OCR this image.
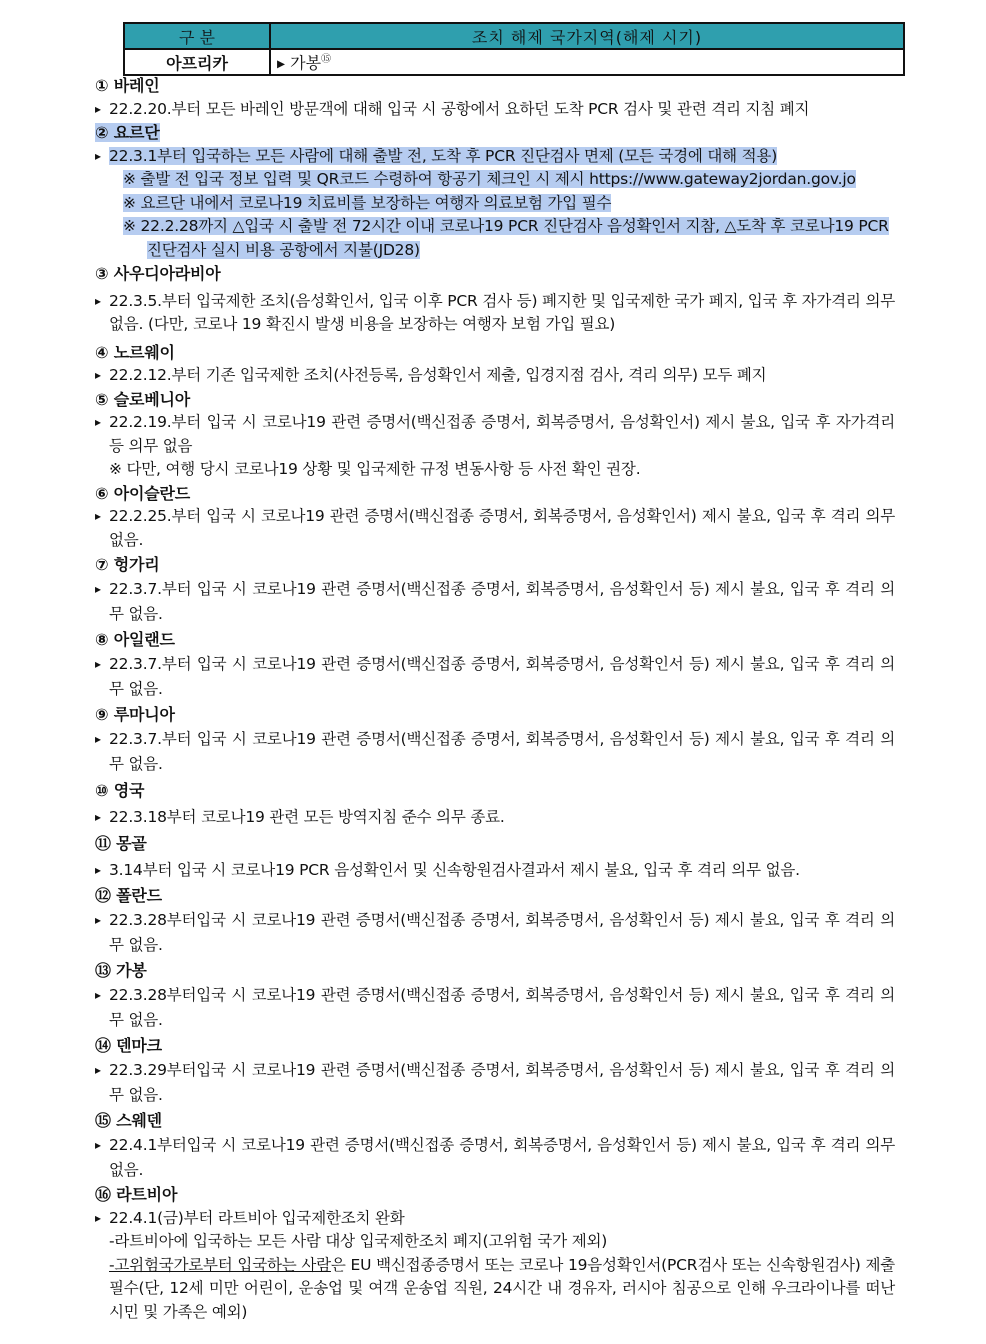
구 분	조치 해제 국가지역(해제 시기)
아프리카	▸ 가봉⑮
① 바레인
▸ 22.2.20.부터 모든 바레인 방문객에 대해 입국 시 공항에서 요하던 도착 PCR 검사 및 관련 격리 지침 폐지
② 요르단
▸ 22.3.1부터 입국하는 모든 사람에 대해 출발 전, 도착 후 PCR 진단검사 면제 (모든 국경에 대해 적용)
※ 출발 전 입국 정보 입력 및 QR코드 수령하여 항공기 체크인 시 제시 https://www.gateway2jordan.gov.jo
※ 요르단 내에서 코로나19 치료비를 보장하는 여행자 의료보험 가입 필수
※ 22.2.28까지 △입국 시 출발 전 72시간 이내 코로나19 PCR 진단검사 음성확인서 지참, △도착 후 코로나19 PCR 진단검사 실시 비용 공항에서 지불(JD28)
③ 사우디아라비아
▸ 22.3.5.부터 입국제한 조치(음성확인서, 입국 이후 PCR 검사 등) 폐지한 및 입국제한 국가 페지, 입국 후 자가격리 의무 없음. (다만, 코로나 19 확진시 발생 비용을 보장하는 여행자 보험 가입 필요)
④ 노르웨이
▸ 22.2.12.부터 기존 입국제한 조치(사전등록, 음성확인서 제출, 입경지점 검사, 격리 의무) 모두 폐지
⑤ 슬로베니아
▸ 22.2.19.부터 입국 시 코로나19 관련 증명서(백신접종 증명서, 회복증명서, 음성확인서) 제시 불요, 입국 후 자가격리 등 의무 없음
※ 다만, 여행 당시 코로나19 상황 및 입국제한 규정 변동사항 등 사전 확인 권장.
⑥ 아이슬란드
▸ 22.2.25.부터 입국 시 코로나19 관련 증명서(백신접종 증명서, 회복증명서, 음성확인서) 제시 불요, 입국 후 격리 의무 없음.
⑦ 헝가리
▸ 22.3.7.부터 입국 시 코로나19 관련 증명서(백신접종 증명서, 회복증명서, 음성확인서 등) 제시 불요, 입국 후 격리 의무 없음.
⑧ 아일랜드
▸ 22.3.7.부터 입국 시 코로나19 관련 증명서(백신접종 증명서, 회복증명서, 음성확인서 등) 제시 불요, 입국 후 격리 의무 없음.
⑨ 루마니아
▸ 22.3.7.부터 입국 시 코로나19 관련 증명서(백신접종 증명서, 회복증명서, 음성확인서 등) 제시 불요, 입국 후 격리 의무 없음.
⑩ 영국
▸ 22.3.18부터 코로나19 관련 모든 방역지침 준수 의무 종료.
⑪ 몽골
▸ 3.14부터 입국 시 코로나19 PCR 음성확인서 및 신속항원검사결과서 제시 불요, 입국 후 격리 의무 없음.
⑫ 폴란드
▸ 22.3.28부터입국 시 코로나19 관련 증명서(백신접종 증명서, 회복증명서, 음성확인서 등) 제시 불요, 입국 후 격리 의무 없음.
⑬ 가봉
▸ 22.3.28부터입국 시 코로나19 관련 증명서(백신접종 증명서, 회복증명서, 음성확인서 등) 제시 불요, 입국 후 격리 의무 없음.
⑭ 덴마크
▸ 22.3.29부터입국 시 코로나19 관련 증명서(백신접종 증명서, 회복증명서, 음성확인서 등) 제시 불요, 입국 후 격리 의무 없음.
⑮ 스웨덴
▸ 22.4.1부터입국 시 코로나19 관련 증명서(백신접종 증명서, 회복증명서, 음성확인서 등) 제시 불요, 입국 후 격리 의무 없음.
⑯ 라트비아
▸ 22.4.1(금)부터 라트비아 입국제한조치 완화
-라트비아에 입국하는 모든 사람 대상 입국제한조치 폐지(고위험 국가 제외)
-고위험국가로부터 입국하는 사람은 EU 백신접종증명서 또는 코로나 19음성확인서(PCR검사 또는 신속항원검사) 제출 필수(단, 12세 미만 어린이, 운송업 및 여객 운송업 직원, 24시간 내 경유자, 러시아 침공으로 인해 우크라이나를 떠난 시민 및 가족은 예외)
